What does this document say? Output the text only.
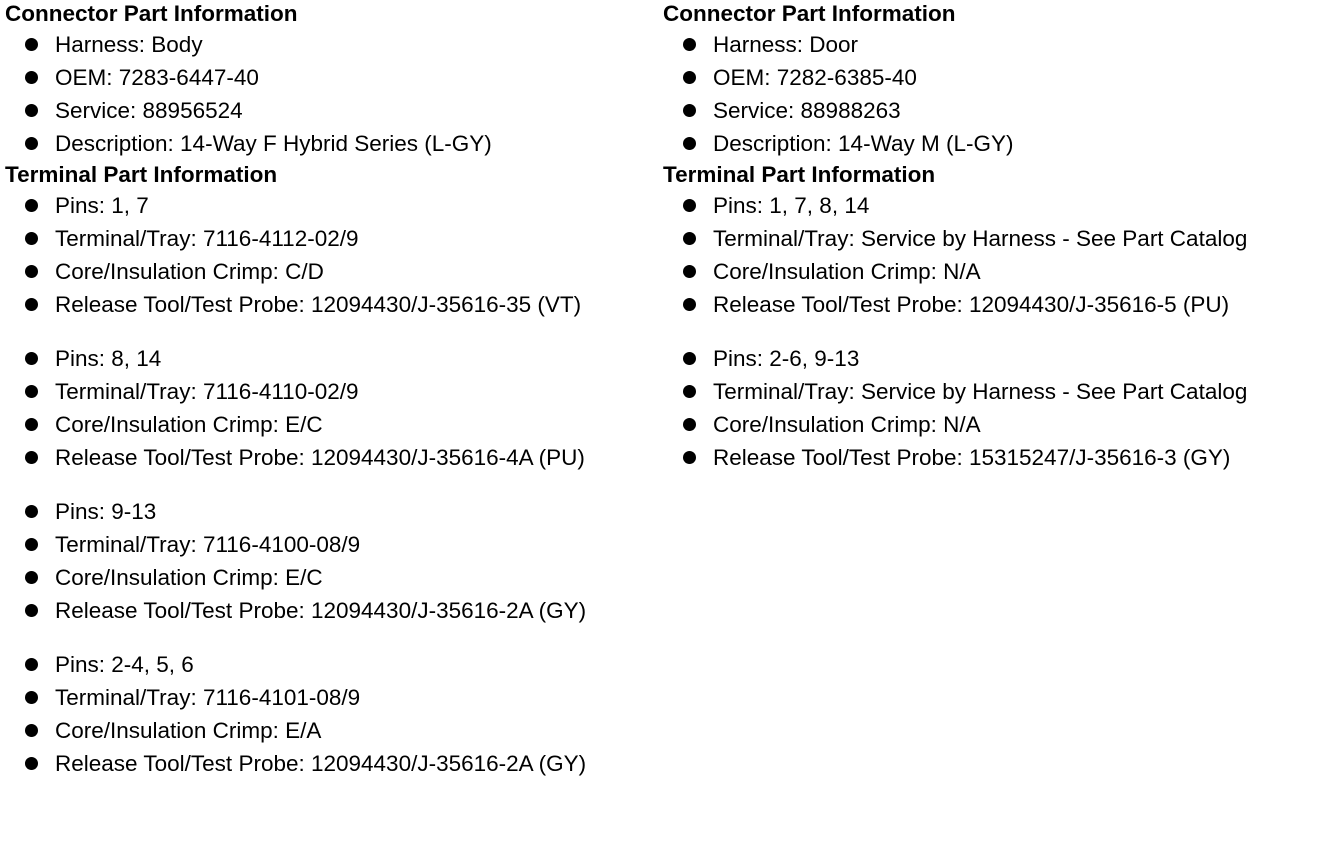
Connector Part Information
Harness: Body
OEM: 7283-6447-40
Service: 88956524
Description: 14-Way F Hybrid Series (L-GY)
Terminal Part Information
Pins: 1, 7
Terminal/Tray: 7116-4112-02/9
Core/Insulation Crimp: C/D
Release Tool/Test Probe: 12094430/J-35616-35 (VT)
Pins: 8, 14
Terminal/Tray: 7116-4110-02/9
Core/Insulation Crimp: E/C
Release Tool/Test Probe: 12094430/J-35616-4A (PU)
Pins: 9-13
Terminal/Tray: 7116-4100-08/9
Core/Insulation Crimp: E/C
Release Tool/Test Probe: 12094430/J-35616-2A (GY)
Pins: 2-4, 5, 6
Terminal/Tray: 7116-4101-08/9
Core/Insulation Crimp: E/A
Release Tool/Test Probe: 12094430/J-35616-2A (GY)
Connector Part Information
Harness: Door
OEM: 7282-6385-40
Service: 88988263
Description: 14-Way M (L-GY)
Terminal Part Information
Pins: 1, 7, 8, 14
Terminal/Tray: Service by Harness - See Part Catalog
Core/Insulation Crimp: N/A
Release Tool/Test Probe: 12094430/J-35616-5 (PU)
Pins: 2-6, 9-13
Terminal/Tray: Service by Harness - See Part Catalog
Core/Insulation Crimp: N/A
Release Tool/Test Probe: 15315247/J-35616-3 (GY)
